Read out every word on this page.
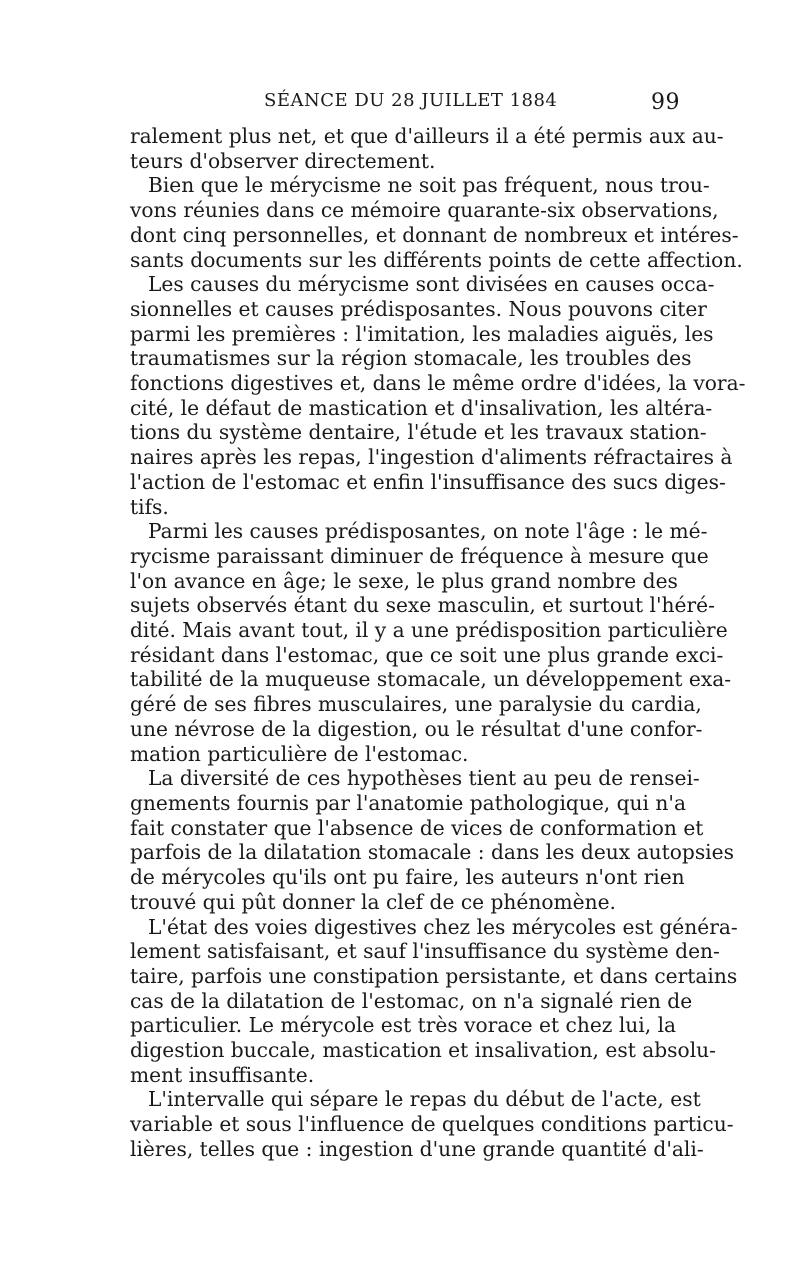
SÉANCE DU 28 JUILLET 1884	99
ralement plus net, et que d'ailleurs il a été permis aux au-
teurs d'observer directement.
Bien que le mérycisme ne soit pas fréquent, nous trou-
vons réunies dans ce mémoire quarante-six observations,
dont cinq personnelles, et donnant de nombreux et intéres-
sants documents sur les différents points de cette affection.
Les causes du mérycisme sont divisées en causes occa-
sionnelles et causes prédisposantes. Nous pouvons citer
parmi les premières : l'imitation, les maladies aiguës, les
traumatismes sur la région stomacale, les troubles des
fonctions digestives et, dans le même ordre d'idées, la vora-
cité, le défaut de mastication et d'insalivation, les altéra-
tions du système dentaire, l'étude et les travaux station-
naires après les repas, l'ingestion d'aliments réfractaires à
l'action de l'estomac et enfin l'insuffisance des sucs diges-
tifs.
Parmi les causes prédisposantes, on note l'âge : le mé-
rycisme paraissant diminuer de fréquence à mesure que
l'on avance en âge; le sexe, le plus grand nombre des
sujets observés étant du sexe masculin, et surtout l'héré-
dité. Mais avant tout, il y a une prédisposition particulière
résidant dans l'estomac, que ce soit une plus grande exci-
tabilité de la muqueuse stomacale, un développement exa-
géré de ses fibres musculaires, une paralysie du cardia,
une névrose de la digestion, ou le résultat d'une confor-
mation particulière de l'estomac.
La diversité de ces hypothèses tient au peu de rensei-
gnements fournis par l'anatomie pathologique, qui n'a
fait constater que l'absence de vices de conformation et
parfois de la dilatation stomacale : dans les deux autopsies
de mérycoles qu'ils ont pu faire, les auteurs n'ont rien
trouvé qui pût donner la clef de ce phénomène.
L'état des voies digestives chez les mérycoles est généra-
lement satisfaisant, et sauf l'insuffisance du système den-
taire, parfois une constipation persistante, et dans certains
cas de la dilatation de l'estomac, on n'a signalé rien de
particulier. Le mérycole est très vorace et chez lui, la
digestion buccale, mastication et insalivation, est absolu-
ment insuffisante.
L'intervalle qui sépare le repas du début de l'acte, est
variable et sous l'influence de quelques conditions particu-
lières, telles que : ingestion d'une grande quantité d'ali-
